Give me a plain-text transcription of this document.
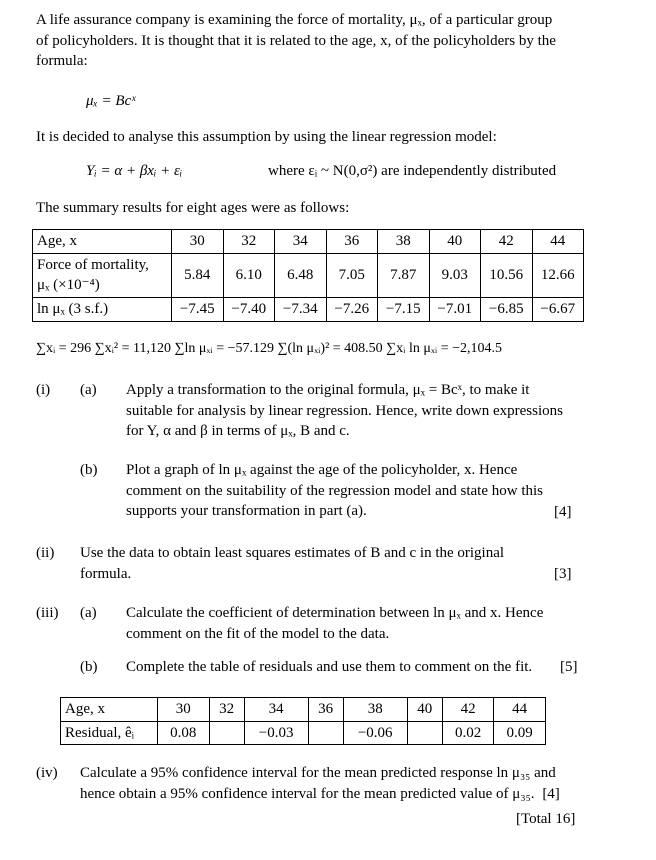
A life assurance company is examining the force of mortality, μₓ, of a particular group
of policyholders. It is thought that it is related to the age, x, of the policyholders by the
formula:
μₓ = Bcˣ
It is decided to analyse this assumption by using the linear regression model:
Yᵢ = α + βxᵢ + εᵢ	where εᵢ ~ N(0,σ²) are independently distributed
The summary results for eight ages were as follows:
Age, x	30	32	34	36	38	40	42	44

Force of mortality,
μₓ (×10⁻⁴)	5.84	6.10	6.48	7.05	7.87	9.03	10.56	12.66
ln μₓ (3 s.f.)	−7.45	−7.40	−7.34	−7.26	−7.15	−7.01	−6.85	−6.67
∑xᵢ = 296 ∑xᵢ² = 11,120 ∑ln μₓᵢ = −57.129 ∑(ln μₓᵢ)² = 408.50 ∑xᵢ ln μₓᵢ = −2,104.5
(i) (a) Apply a transformation to the original formula, μₓ = Bcˣ, to make it
suitable for analysis by linear regression. Hence, write down expressions
for Y, α and β in terms of μₓ, B and c.
(b) Plot a graph of ln μₓ against the age of the policyholder, x. Hence
comment on the suitability of the regression model and state how this
supports your transformation in part (a).	[4]
(ii) Use the data to obtain least squares estimates of B and c in the original
formula.	[3]
(iii) (a) Calculate the coefficient of determination between ln μₓ and x. Hence
comment on the fit of the model to the data.
(b) Complete the table of residuals and use them to comment on the fit. [5]
Age, x	30	32	34	36	38	40	42	44
Residual, êᵢ	0.08		−0.03		−0.06		0.02	0.09
(iv) Calculate a 95% confidence interval for the mean predicted response ln μ₃₅ and
hence obtain a 95% confidence interval for the mean predicted value of μ₃₅. [4]
[Total 16]
